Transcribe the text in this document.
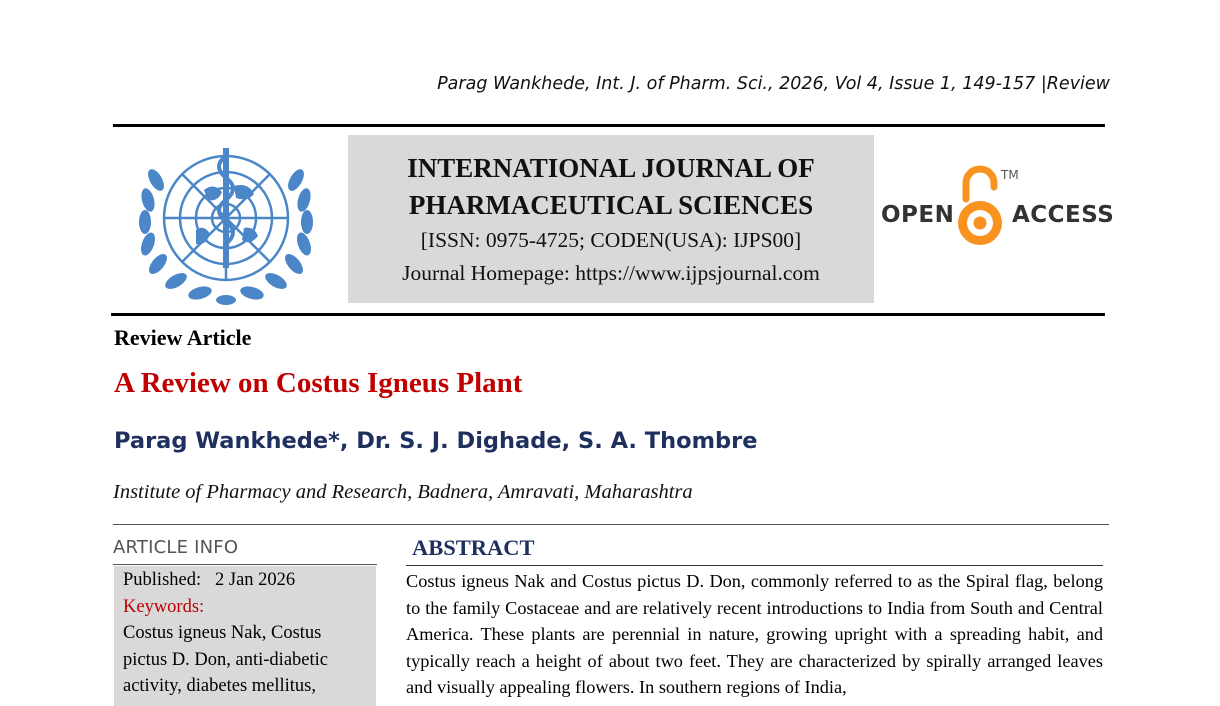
Parag Wankhede, Int. J. of Pharm. Sci., 2026, Vol 4, Issue 1, 149-157 |Review
INTERNATIONAL JOURNAL OF
PHARMACEUTICAL SCIENCES
[ISSN: 0975-4725; CODEN(USA): IJPS00]
Journal Homepage: https://www.ijpsjournal.com
OPEN
TM
ACCESS
Review Article
A Review on Costus Igneus Plant
Parag Wankhede*, Dr. S. J. Dighade, S. A. Thombre
Institute of Pharmacy and Research, Badnera, Amravati, Maharashtra
ARTICLE INFO
Published:   2 Jan 2026
Keywords:
Costus igneus Nak, Costus pictus D. Don, anti-diabetic activity, diabetes mellitus,
ABSTRACT
Costus igneus Nak and Costus pictus D. Don, commonly referred to as the Spiral flag, belong to the family Costaceae and are relatively recent introductions to India from South and Central America. These plants are perennial in nature, growing upright with a spreading habit, and typically reach a height of about two feet. They are characterized by spirally arranged leaves and visually appealing flowers. In southern regions of India,
